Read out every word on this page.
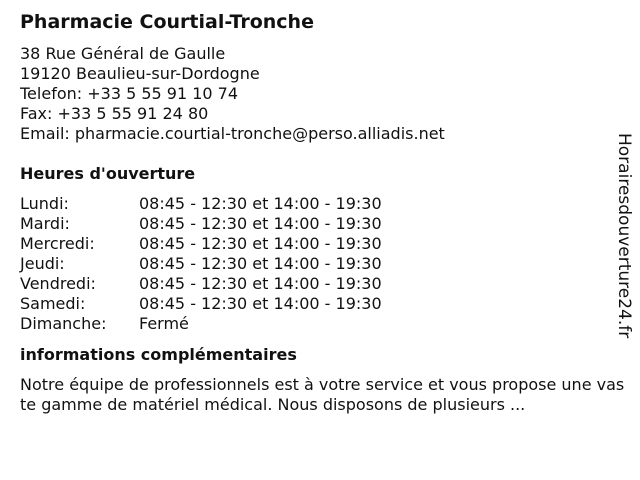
Pharmacie Courtial-Tronche
38 Rue Général de Gaulle
19120 Beaulieu-sur-Dordogne
Telefon: +33 5 55 91 10 74
Fax: +33 5 55 91 24 80
Email: pharmacie.courtial-tronche@perso.alliadis.net
Heures d'ouverture
Lundi:	08:45 - 12:30 et 14:00 - 19:30
Mardi:	08:45 - 12:30 et 14:00 - 19:30
Mercredi:	08:45 - 12:30 et 14:00 - 19:30
Jeudi:	08:45 - 12:30 et 14:00 - 19:30
Vendredi:	08:45 - 12:30 et 14:00 - 19:30
Samedi:	08:45 - 12:30 et 14:00 - 19:30
Dimanche:	Fermé
informations complémentaires
Notre équipe de professionnels est à votre service et vous propose une vaste gamme de matériel médical. Nous disposons de plusieurs ...
Horairesdouverture24.fr
